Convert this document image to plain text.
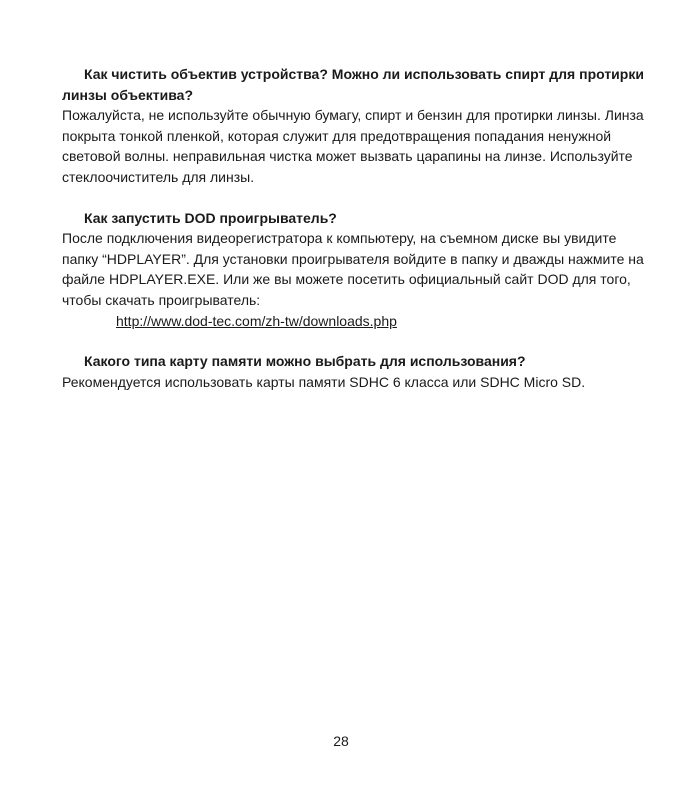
Как чистить объектив устройства? Можно ли использовать спирт для протирки линзы объектива?

Пожалуйста, не используйте обычную бумагу, спирт и бензин для протирки линзы. Линза покрыта тонкой пленкой, которая служит для предотвращения попадания ненужной световой волны. неправильная чистка может вызвать царапины на линзе. Используйте стеклоочиститель для линзы.

Как запустить DOD проигрыватель?

После подключения видеорегистратора к компьютеру, на съемном диске вы увидите папку “HDPLAYER”. Для установки проигрывателя войдите в папку и дважды нажмите на файле HDPLAYER.EXE. Или же вы можете посетить официальный сайт DOD для того, чтобы скачать проигрыватель:

http://www.dod-tec.com/zh-tw/downloads.php

Какого типа карту памяти можно выбрать для использования?

Рекомендуется использовать карты памяти SDHC 6 класса или SDHC Micro SD.

28
